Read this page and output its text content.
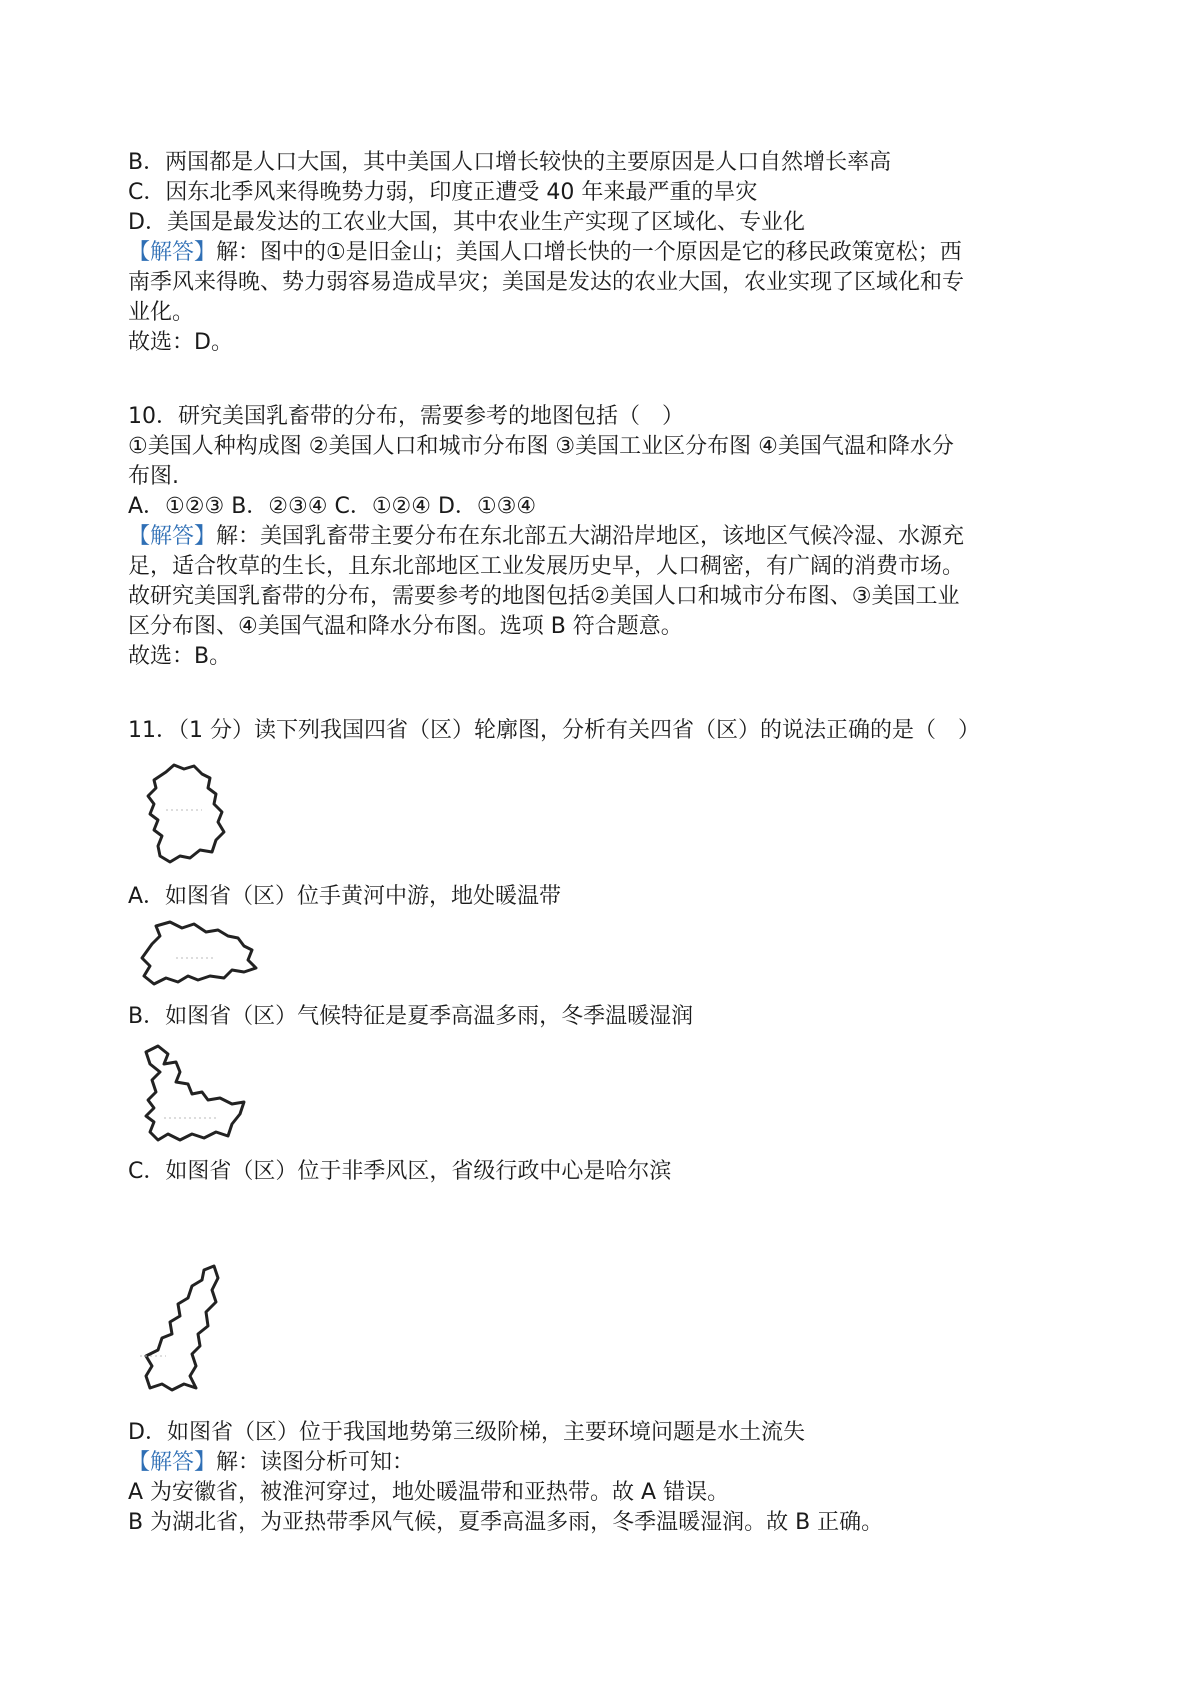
B．两国都是人口大国，其中美国人口增长较快的主要原因是人口自然增长率高
C．因东北季风来得晚势力弱，印度正遭受 40 年来最严重的旱灾
D．美国是最发达的工农业大国，其中农业生产实现了区域化、专业化
【解答】解：图中的①是旧金山；美国人口增长快的一个原因是它的移民政策宽松；西
南季风来得晚、势力弱容易造成旱灾；美国是发达的农业大国，农业实现了区域化和专
业化。
故选：D。
10．研究美国乳畜带的分布，需要参考的地图包括（　）
①美国人种构成图 ②美国人口和城市分布图 ③美国工业区分布图 ④美国气温和降水分
布图.
A．①②③ B．②③④ C．①②④ D．①③④
【解答】解：美国乳畜带主要分布在东北部五大湖沿岸地区，该地区气候冷湿、水源充
足，适合牧草的生长，且东北部地区工业发展历史早，人口稠密，有广阔的消费市场。
故研究美国乳畜带的分布，需要参考的地图包括②美国人口和城市分布图、③美国工业
区分布图、④美国气温和降水分布图。选项 B 符合题意。
故选：B。
11．（1 分）读下列我国四省（区）轮廓图，分析有关四省（区）的说法正确的是（　）
A．如图省（区）位手黄河中游，地处暖温带
B．如图省（区）气候特征是夏季高温多雨，冬季温暖湿润
C．如图省（区）位于非季风区，省级行政中心是哈尔滨
D．如图省（区）位于我国地势第三级阶梯，主要环境问题是水土流失
【解答】解：读图分析可知：
A 为安徽省，被淮河穿过，地处暖温带和亚热带。故 A 错误。
B 为湖北省，为亚热带季风气候，夏季高温多雨，冬季温暖湿润。故 B 正确。
